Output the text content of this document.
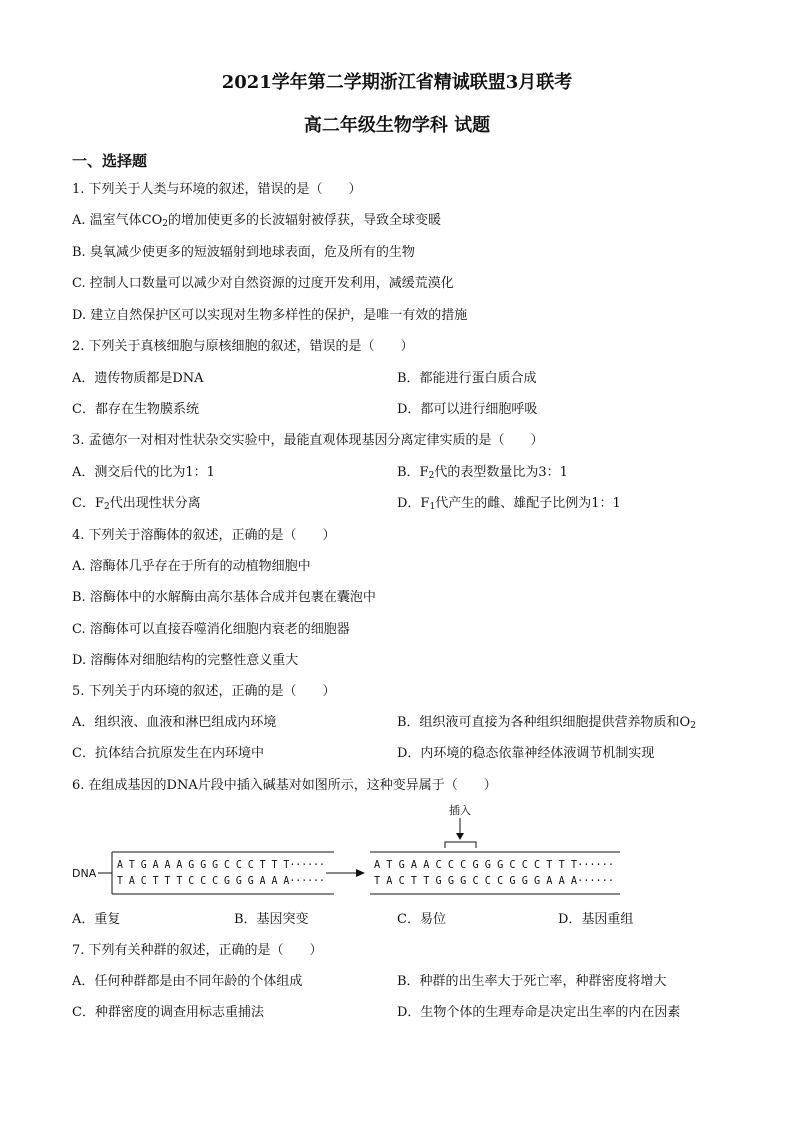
2021学年第二学期浙江省精诚联盟3月联考
高二年级生物学科 试题
一、选择题
1. 下列关于人类与环境的叙述，错误的是（　　）
A. 温室气体$CO_2$的增加使更多的长波辐射被俘获，导致全球变暖
B. 臭氧减少使更多的短波辐射到地球表面，危及所有的生物
C. 控制人口数量可以减少对自然资源的过度开发利用，减缓荒漠化
D. 建立自然保护区可以实现对生物多样性的保护，是唯一有效的措施
2. 下列关于真核细胞与原核细胞的叙述，错误的是（　　）
A．遗传物质都是DNA	B．都能进行蛋白质合成
C．都存在生物膜系统	D．都可以进行细胞呼吸
3. 孟德尔一对相对性状杂交实验中，最能直观体现基因分离定律实质的是（　　）
A．测交后代的比为1：1	B．$F_2$代的表型数量比为3：1
C．$F_2$代出现性状分离	D．$F_1$代产生的雌、雄配子比例为1：1
4. 下列关于溶酶体的叙述，正确的是（　　）
A. 溶酶体几乎存在于所有的动植物细胞中
B. 溶酶体中的水解酶由高尔基体合成并包裹在囊泡中
C. 溶酶体可以直接吞噬消化细胞内衰老的细胞器
D. 溶酶体对细胞结构的完整性意义重大
5. 下列关于内环境的叙述，正确的是（　　）
A．组织液、血液和淋巴组成内环境	B．组织液可直接为各种组织细胞提供营养物质和$O_2$
C．抗体结合抗原发生在内环境中	D．内环境的稳态依靠神经体液调节机制实现
6. 在组成基因的DNA片段中插入碱基对如图所示，这种变异属于（　　）
插入
DNA
A T G A A A G G G C C C T T T······
T A C T T T C C C G G G A A A······
A T G A A C C C G G G C C C T T T······
T A C T T G G G C C C G G G A A A······
A．重复	B．基因突变	C．易位	D．基因重组
7. 下列有关种群的叙述，正确的是（　　）
A．任何种群都是由不同年龄的个体组成	B．种群的出生率大于死亡率，种群密度将增大
C．种群密度的调查用标志重捕法	D．生物个体的生理寿命是决定出生率的内在因素
